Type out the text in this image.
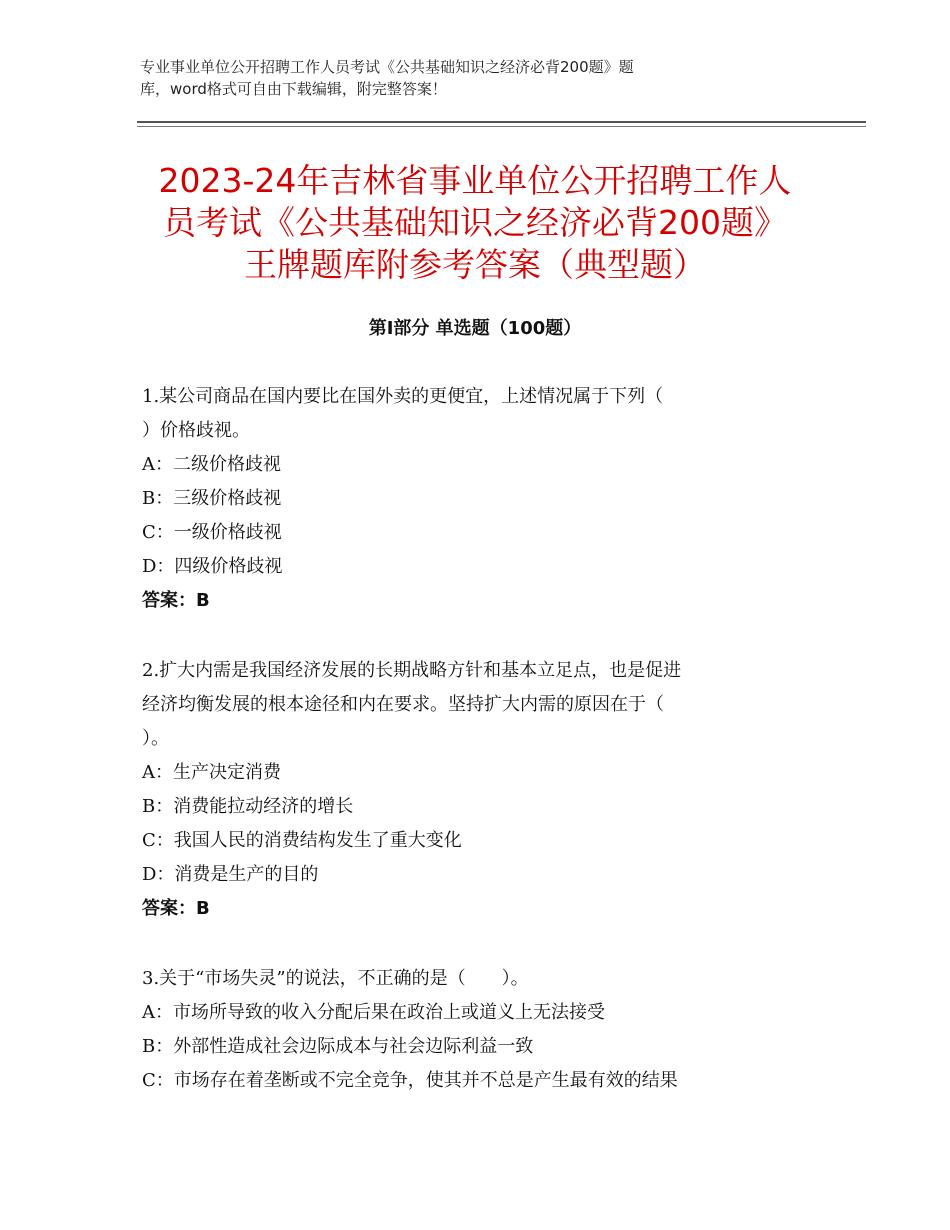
专业事业单位公开招聘工作人员考试《公共基础知识之经济必背200题》题
库，word格式可自由下载编辑，附完整答案！
2023-24年吉林省事业单位公开招聘工作人
员考试《公共基础知识之经济必背200题》
王牌题库附参考答案（典型题）
第Ⅰ部分 单选题（100题）
1.某公司商品在国内要比在国外卖的更便宜，上述情况属于下列（
）价格歧视。
A：二级价格歧视
B：三级价格歧视
C：一级价格歧视
D：四级价格歧视
答案：B
2.扩大内需是我国经济发展的长期战略方针和基本立足点，也是促进
经济均衡发展的根本途径和内在要求。坚持扩大内需的原因在于（
）。
A：生产决定消费
B：消费能拉动经济的增长
C：我国人民的消费结构发生了重大变化
D：消费是生产的目的
答案：B
3.关于“市场失灵”的说法，不正确的是（　　）。
A：市场所导致的收入分配后果在政治上或道义上无法接受
B：外部性造成社会边际成本与社会边际利益一致
C：市场存在着垄断或不完全竞争，使其并不总是产生最有效的结果
